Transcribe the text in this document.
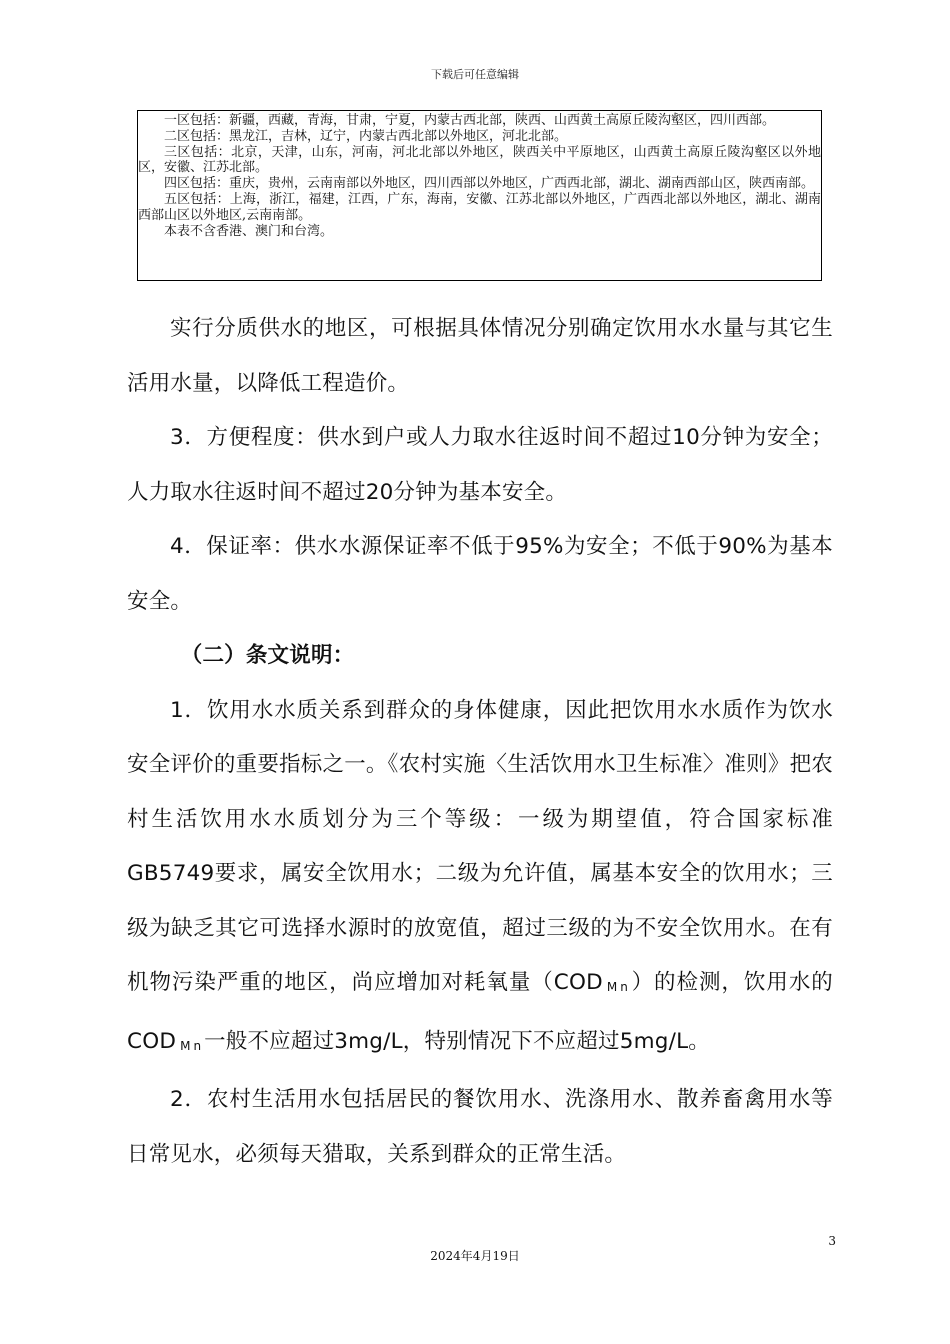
下载后可任意编辑

一区包括：新疆，西藏，青海，甘肃，宁夏，内蒙古西北部，陕西、山西黄土高原丘陵沟壑区，四川西部。

二区包括：黑龙江，吉林，辽宁，内蒙古西北部以外地区，河北北部。

三区包括：北京，天津，山东，河南，河北北部以外地区，陕西关中平原地区，山西黄土高原丘陵沟壑区以外地区，安徽、江苏北部。

四区包括：重庆，贵州，云南南部以外地区，四川西部以外地区，广西西北部，湖北、湖南西部山区，陕西南部。

五区包括：上海，浙江，福建，江西，广东，海南，安徽、江苏北部以外地区，广西西北部以外地区，湖北、湖南西部山区以外地区,云南南部。

本表不含香港、澳门和台湾。

实行分质供水的地区，可根据具体情况分别确定饮用水水量与其它生活用水量，以降低工程造价。

3．方便程度：供水到户或人力取水往返时间不超过10分钟为安全；人力取水往返时间不超过20分钟为基本安全。

4．保证率：供水水源保证率不低于95%为安全；不低于90%为基本安全。

（二）条文说明：

1．饮用水水质关系到群众的身体健康，因此把饮用水水质作为饮水安全评价的重要指标之一。《农村实施〈生活饮用水卫生标准〉准则》把农村生活饮用水水质划分为三个等级：一级为期望值，符合国家标准GB5749要求，属安全饮用水；二级为允许值，属基本安全的饮用水；三级为缺乏其它可选择水源时的放宽值，超过三级的为不安全饮用水。在有机物污染严重的地区，尚应增加对耗氧量（COD Mn）的检测，饮用水的COD Mn一般不应超过3mg/L，特别情况下不应超过5mg/L。

2．农村生活用水包括居民的餐饮用水、洗涤用水、散养畜禽用水等日常见水，必须每天猎取，关系到群众的正常生活。

3
2024年4月19日
